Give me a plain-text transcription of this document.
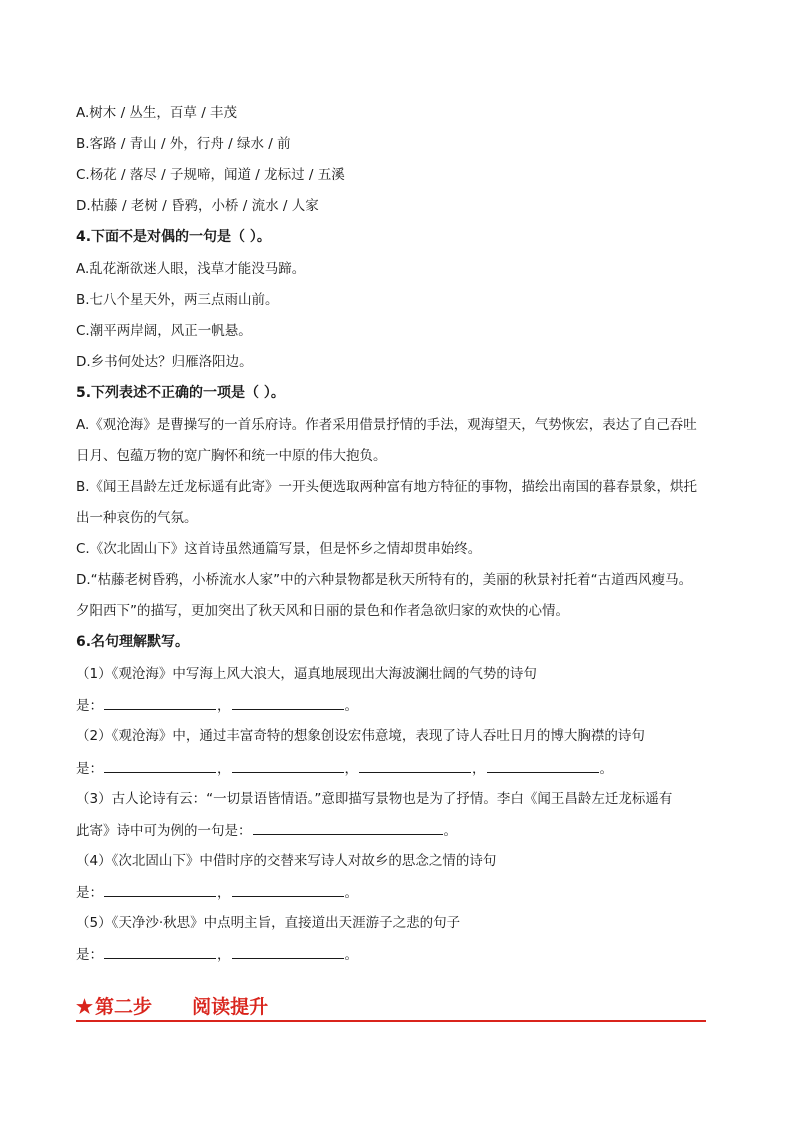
A.树木 / 丛生，百草 / 丰茂
B.客路 / 青山 / 外，行舟 / 绿水 / 前
C.杨花 / 落尽 / 子规啼，闻道 / 龙标过 / 五溪
D.枯藤 / 老树 / 昏鸦，小桥 / 流水 / 人家
4.下面不是对偶的一句是（ ）。
A.乱花渐欲迷人眼，浅草才能没马蹄。
B.七八个星天外，两三点雨山前。
C.潮平两岸阔，风正一帆悬。
D.乡书何处达？归雁洛阳边。
5.下列表述不正确的一项是（ ）。
A.《观沧海》是曹操写的一首乐府诗。作者采用借景抒情的手法，观海望天，气势恢宏，表达了自己吞吐
日月、包蕴万物的宽广胸怀和统一中原的伟大抱负。
B.《闻王昌龄左迁龙标遥有此寄》一开头便选取两种富有地方特征的事物，描绘出南国的暮春景象，烘托
出一种哀伤的气氛。
C.《次北固山下》这首诗虽然通篇写景，但是怀乡之情却贯串始终。
D.“枯藤老树昏鸦，小桥流水人家”中的六种景物都是秋天所特有的，美丽的秋景衬托着“古道西风瘦马。
夕阳西下”的描写，更加突出了秋天风和日丽的景色和作者急欲归家的欢快的心情。
6.名句理解默写。
（1）《观沧海》中写海上风大浪大，逼真地展现出大海波澜壮阔的气势的诗句
是：	，	。
（2）《观沧海》中，通过丰富奇特的想象创设宏伟意境，表现了诗人吞吐日月的博大胸襟的诗句
是：	，	，	，	。
（3）古人论诗有云：“一切景语皆情语。”意即描写景物也是为了抒情。李白《闻王昌龄左迁龙标遥有
此寄》诗中可为例的一句是：	。
（4）《次北固山下》中借时序的交替来写诗人对故乡的思念之情的诗句
是：	，	。
（5）《天净沙·秋思》中点明主旨，直接道出天涯游子之悲的句子
是：	，	。
★ 第二步 阅读提升
